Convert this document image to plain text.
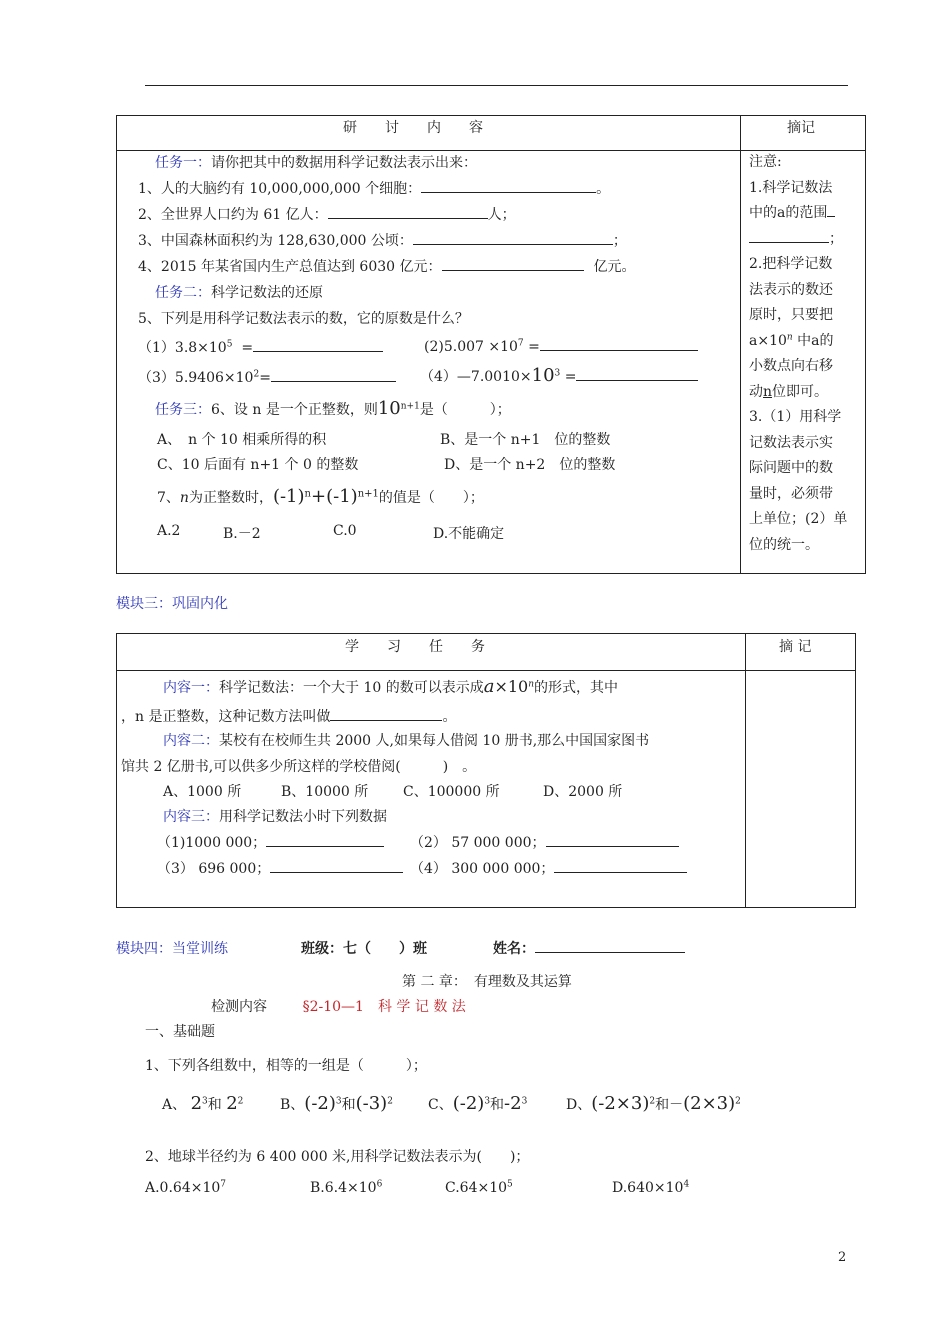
研　　讨　　内　　容	摘记
任务一：请你把其中的数据用科学记数法表示出来：
1、人的大脑约有 10,000,000,000 个细胞：	。
2、全世界人口约为 61 亿人：	人；
3、中国森林面积约为 128,630,000 公顷：	；
4、2015 年某省国内生产总值达到 6030 亿元：	亿元。
任务二：科学记数法的还原
5、下列是用科学记数法表示的数，它的原数是什么？
$(1)3.8\times 10^5$ =	$(2)5.007 \times 10^7$ =
$(3)5.9406\times 10^2=$	$(4)—7.0010\times 10^3$ =
任务三：6、设 n 是一个正整数，则$10^{n+1}$是（　　　）；
A、　n 个 10 相乘所得的积	B、是一个 n+1　位的整数
C、10 后面有 n+1 个 0 的整数	D、是一个 n+2　位的整数
7、n为正整数时，$(-1)^n+(-1)^{n+1}$的值是（　　）；
A.2	B.－2	C.0	D.不能确定
注意:
1.科学记数法
中的a的范围
；
2.把科学记数
法表示的数还
原时，只要把
$a\times 10^n$ 中a的
小数点向右移
动n位即可。
3.（1）用科学
记数法表示实
际问题中的数
量时，必须带
上单位；(2）单
位的统一。
模块三：巩固内化
学　　习　　任　　务	摘 记
内容一：科学记数法：一个大于 10 的数可以表示成$a\times 10^n$的形式，其中
，n 是正整数，这种记数方法叫做	。
内容二：某校有在校师生共 2000 人,如果每人借阅 10 册书,那么中国国家图书
馆共 2 亿册书,可以供多少所这样的学校借阅(　　　)　。
A、1000 所	B、10000 所 C、100000 所	D、2000 所
内容三：用科学记数法小时下列数据
（1)1000 000；	（2） 57 000 000；
（3） 696 000；	（4） 300 000 000；
模块四：当堂训练	班级：七（　　）班	姓名：
第 二 章：　有理数及其运算
检测内容	§2-10—1　科 学 记 数 法
一、基础题
1、下列各组数中，相等的一组是（　　　）；
A、 $2^3$和 $2^2$	B、$(-2)^3$和$(-3)^2$	C、$(-2)^3$和$-2^3$	D、$(-2\times 3)^2$和$-(2\times 3)^2$
2、地球半径约为 6 400 000 米,用科学记数法表示为(　　)；
$A.0.64\times 10^7$	$B.6.4\times 10^6$	$C.64\times 10^5$	$D.640\times 10^4$
2
